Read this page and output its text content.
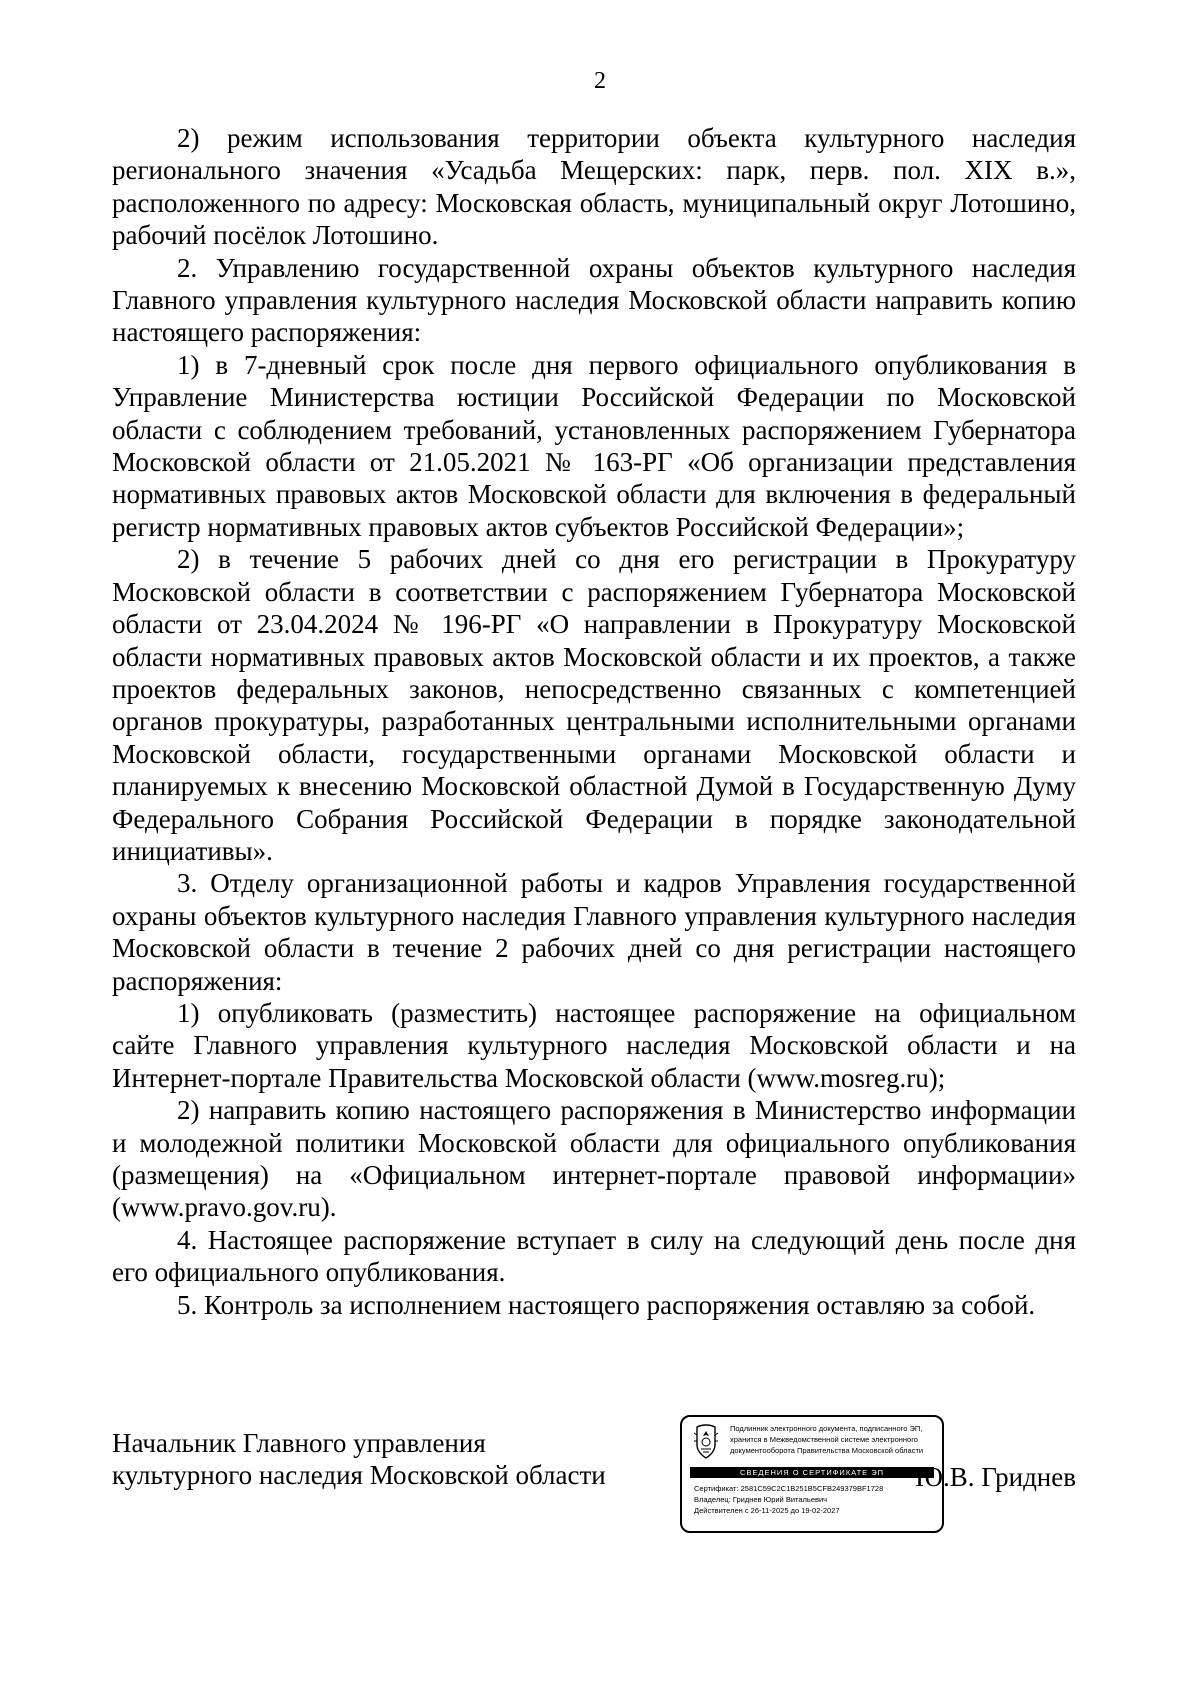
2

2) режим использования территории объекта культурного наследия регионального значения «Усадьба Мещерских: парк, перв. пол. XIX в.», расположенного по адресу: Московская область, муниципальный округ Лотошино, рабочий посёлок Лотошино.

2. Управлению государственной охраны объектов культурного наследия Главного управления культурного наследия Московской области направить копию настоящего распоряжения:

1) в 7-дневный срок после дня первого официального опубликования в Управление Министерства юстиции Российской Федерации по Московской области с соблюдением требований, установленных распоряжением Губернатора Московской области от 21.05.2021 № 163-РГ «Об организации представления нормативных правовых актов Московской области для включения в федеральный регистр нормативных правовых актов субъектов Российской Федерации»;

2) в течение 5 рабочих дней со дня его регистрации в Прокуратуру Московской области в соответствии с распоряжением Губернатора Московской области от 23.04.2024 № 196-РГ «О направлении в Прокуратуру Московской области нормативных правовых актов Московской области и их проектов, а также проектов федеральных законов, непосредственно связанных с компетенцией органов прокуратуры, разработанных центральными исполнительными органами Московской области, государственными органами Московской области и планируемых к внесению Московской областной Думой в Государственную Думу Федерального Собрания Российской Федерации в порядке законодательной инициативы».

3. Отделу организационной работы и кадров Управления государственной охраны объектов культурного наследия Главного управления культурного наследия Московской области в течение 2 рабочих дней со дня регистрации настоящего распоряжения:

1) опубликовать (разместить) настоящее распоряжение на официальном сайте Главного управления культурного наследия Московской области и на Интернет-портале Правительства Московской области (www.mosreg.ru);

2) направить копию настоящего распоряжения в Министерство информации и молодежной политики Московской области для официального опубликования (размещения) на «Официальном интернет-портале правовой информации» (www.pravo.gov.ru).

4. Настоящее распоряжение вступает в силу на следующий день после дня его официального опубликования.

5. Контроль за исполнением настоящего распоряжения оставляю за собой.

Начальник Главного управления
культурного наследия Московской области
Подлинник электронного документа, подписанного ЭП,
хранится в Межведомственной системе электронного
документооборота Правительства Московской области
СВЕДЕНИЯ О СЕРТИФИКАТЕ ЭП
Сертификат: 2581C59C2C1B251B5CFB249379BF1728
Владелец: Гриднев Юрий Витальевич
Действителен с 26-11-2025 до 19-02-2027
Ю.В. Гриднев
